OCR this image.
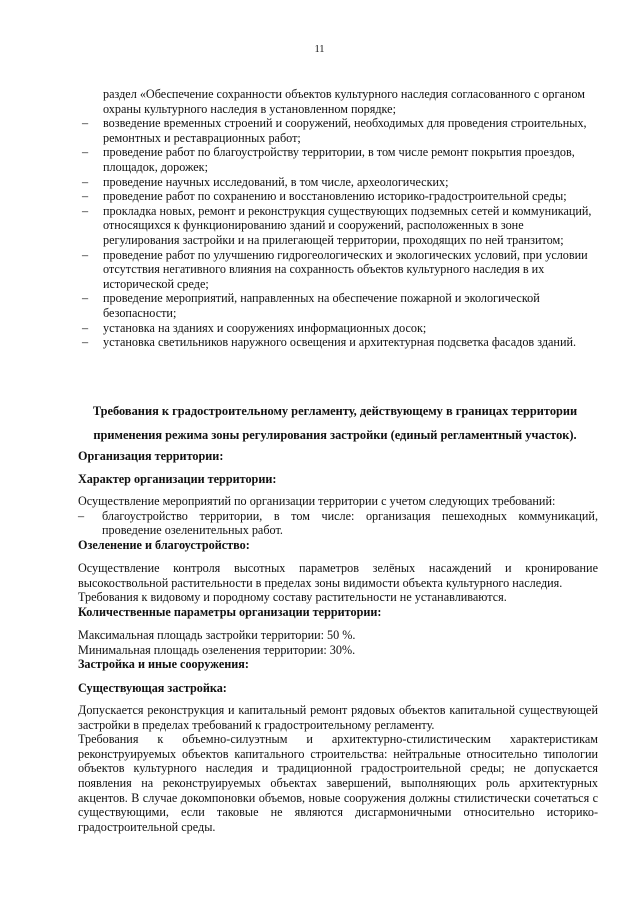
11
раздел «Обеспечение сохранности объектов культурного наследия согласованного с органом охраны культурного наследия в установленном порядке;
– возведение временных строений и сооружений, необходимых для проведения строительных, ремонтных и реставрационных работ;
– проведение работ по благоустройству территории, в том числе ремонт покрытия проездов, площадок, дорожек;
– проведение научных исследований, в том числе, археологических;
– проведение работ по сохранению и восстановлению историко-градостроительной среды;
– прокладка новых, ремонт и реконструкция существующих подземных сетей и коммуникаций, относящихся к функционированию зданий и сооружений, расположенных в зоне регулирования застройки и на прилегающей территории, проходящих по ней транзитом;
– проведение работ по улучшению гидрогеологических и экологических условий, при условии отсутствия негативного влияния на сохранность объектов культурного наследия в их исторической среде;
– проведение мероприятий, направленных на обеспечение пожарной и экологической безопасности;
– установка на зданиях и сооружениях информационных досок;
– установка светильников наружного освещения и архитектурная подсветка фасадов зданий.
Требования к градостроительному регламенту, действующему в границах территории
применения режима зоны регулирования застройки (единый регламентный участок).
Организация территории:
Характер организации территории:

Осуществление мероприятий по организации территории с учетом следующих требований:

– благоустройство территории, в том числе: организация пешеходных коммуникаций, проведение озеленительных работ.

Озеленение и благоустройство:

Осуществление контроля высотных параметров зелёных насаждений и кронирование высокоствольной растительности в пределах зоны видимости объекта культурного наследия.

Требования к видовому и породному составу растительности не устанавливаются.

Количественные параметры организации территории:

Максимальная площадь застройки территории: 50 %.

Минимальная площадь озеленения территории: 30%.

Застройка и иные сооружения:

Существующая застройка:

Допускается реконструкция и капитальный ремонт рядовых объектов капитальной существующей застройки в пределах требований к градостроительному регламенту.

Требования к объемно-силуэтным и архитектурно-стилистическим характеристикам реконструируемых объектов капитального строительства: нейтральные относительно типологии объектов культурного наследия и традиционной градостроительной среды; не допускается появления на реконструируемых объектах завершений, выполняющих роль архитектурных акцентов. В случае докомпоновки объемов, новые сооружения должны стилистически сочетаться с существующими, если таковые не являются дисгармоничными относительно историко-градостроительной среды.
